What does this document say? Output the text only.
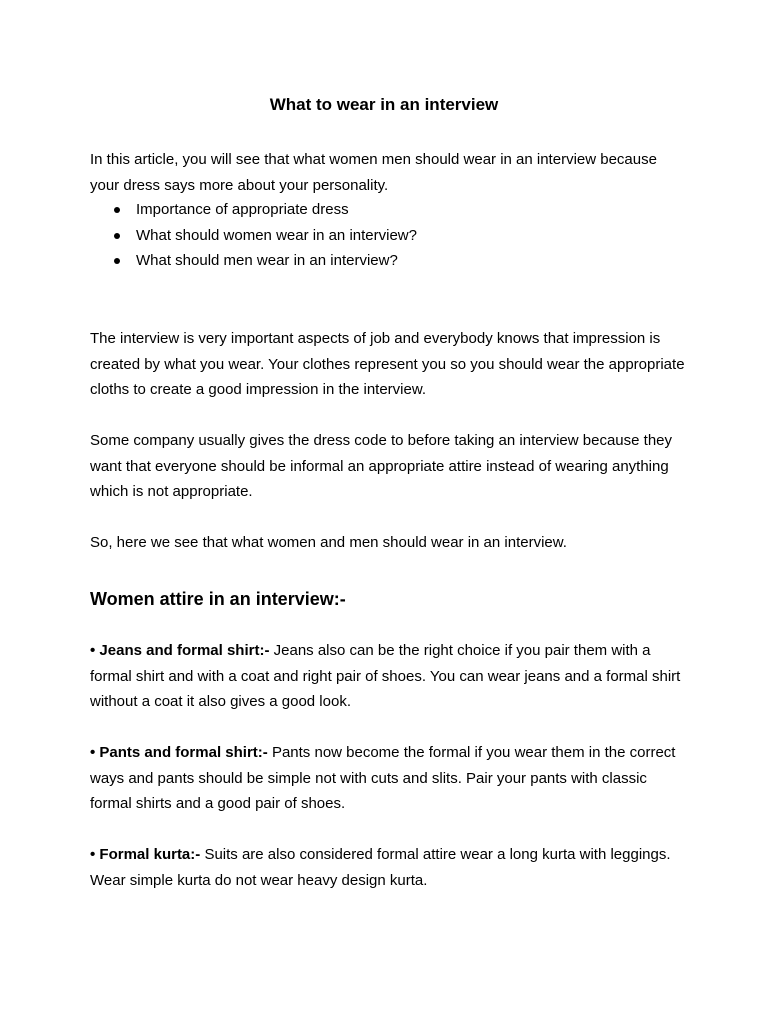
What to wear in an interview

In this article, you will see that what women men should wear in an interview because your dress says more about your personality.

Importance of appropriate dress
What should women wear in an interview?
What should men wear in an interview?

The interview is very important aspects of job and everybody knows that impression is created by what you wear. Your clothes represent you so you should wear the appropriate cloths to create a good impression in the interview.

Some company usually gives the dress code to before taking an interview because they want that everyone should be informal an appropriate attire instead of wearing anything which is not appropriate.

So, here we see that what women and men should wear in an interview.

Women attire in an interview:-

• Jeans and formal shirt:- Jeans also can be the right choice if you pair them with a formal shirt and with a coat and right pair of shoes. You can wear jeans and a formal shirt without a coat it also gives a good look.

• Pants and formal shirt:- Pants now become the formal if you wear them in the correct ways and pants should be simple not with cuts and slits. Pair your pants with classic formal shirts and a good pair of shoes.

• Formal kurta:- Suits are also considered formal attire wear a long kurta with leggings. Wear simple kurta do not wear heavy design kurta.
